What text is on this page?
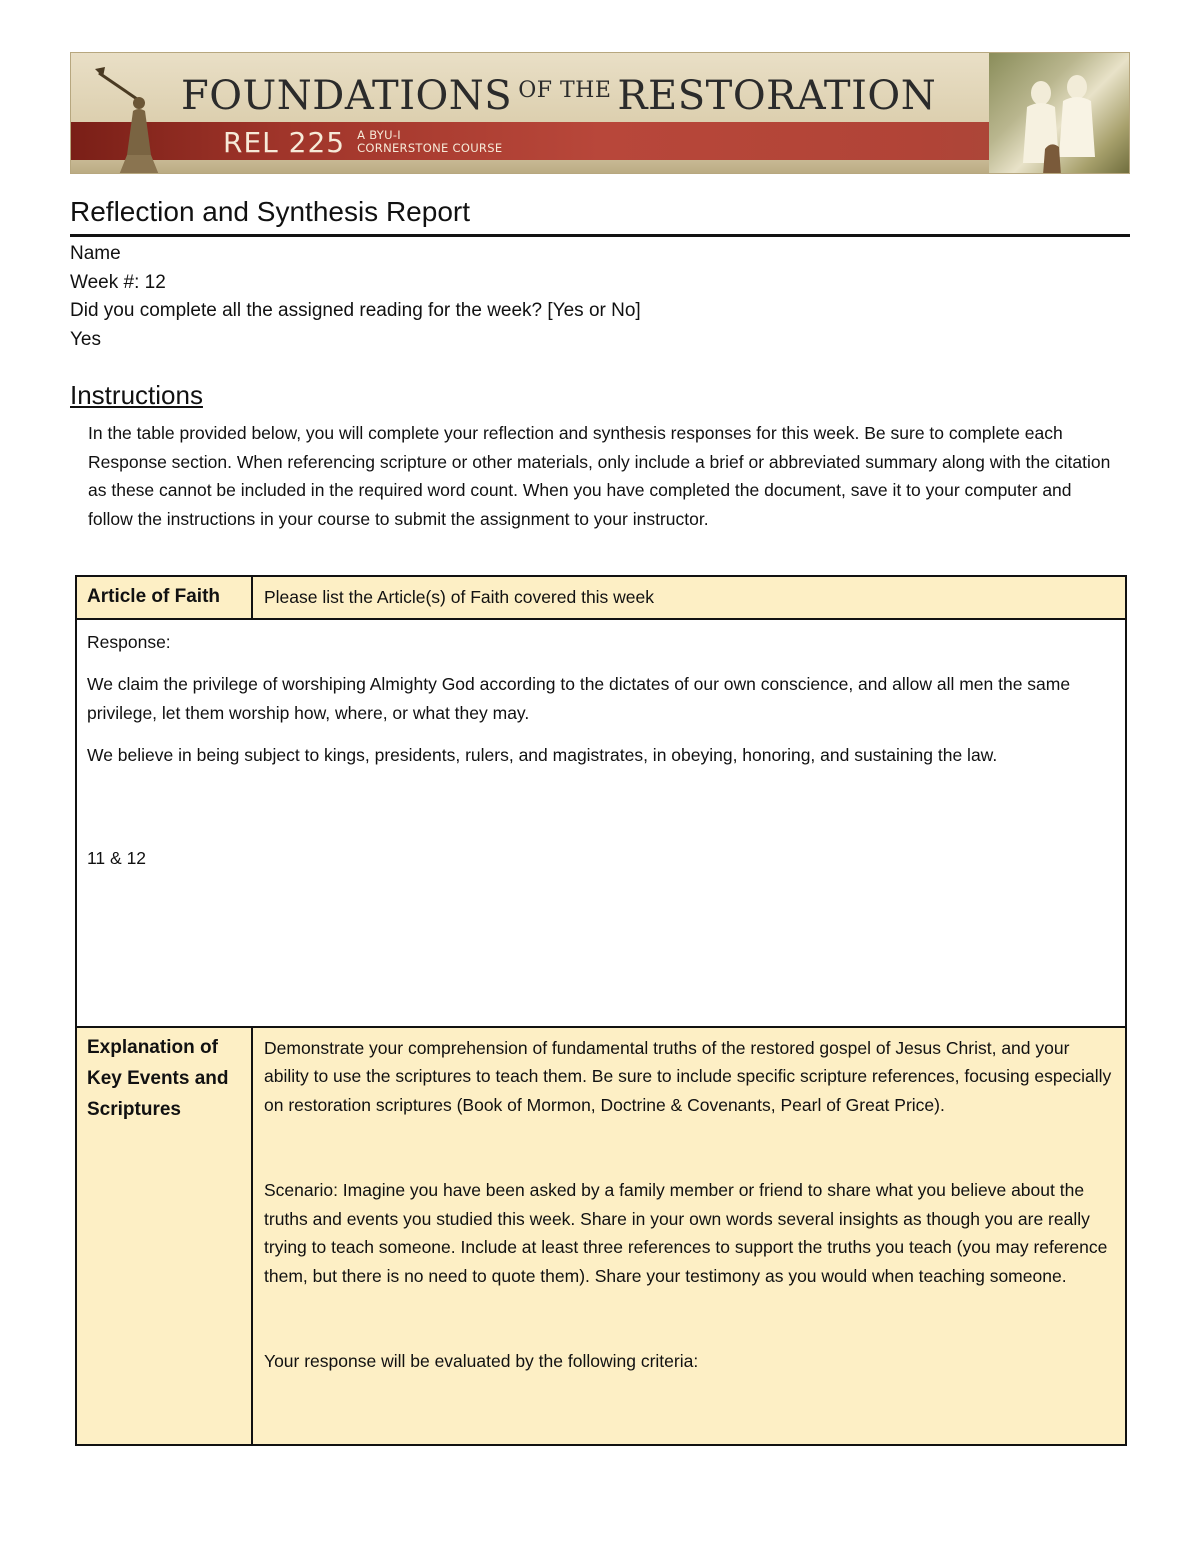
FOUNDATIONS OF THE RESTORATION
REL 225 A BYU-I
CORNERSTONE COURSE
Reflection and Synthesis Report
Name
Week #: 12
Did you complete all the assigned reading for the week? [Yes or No]
Yes
Instructions
In the table provided below, you will complete your reflection and synthesis responses for this week. Be sure to complete each Response section. When referencing scripture or other materials, only include a brief or abbreviated summary along with the citation as these cannot be included in the required word count. When you have completed the document, save it to your computer and follow the instructions in your course to submit the assignment to your instructor.
Article of Faith	Please list the Article(s) of Faith covered this week

Response:

We claim the privilege of worshiping Almighty God according to the dictates of our own conscience, and allow all men the same privilege, let them worship how, where, or what they may.

We believe in being subject to kings, presidents, rulers, and magistrates, in obeying, honoring, and sustaining the law.

11 & 12	

Explanation of Key Events and Scriptures	Demonstrate your comprehension of fundamental truths of the restored gospel of Jesus Christ, and your ability to use the scriptures to teach them. Be sure to include specific scripture references, focusing especially on restoration scriptures (Book of Mormon, Doctrine & Covenants, Pearl of Great Price).

Scenario: Imagine you have been asked by a family member or friend to share what you believe about the truths and events you studied this week. Share in your own words several insights as though you are really trying to teach someone. Include at least three references to support the truths you teach (you may reference them, but there is no need to quote them). Share your testimony as you would when teaching someone.

Your response will be evaluated by the following criteria:
